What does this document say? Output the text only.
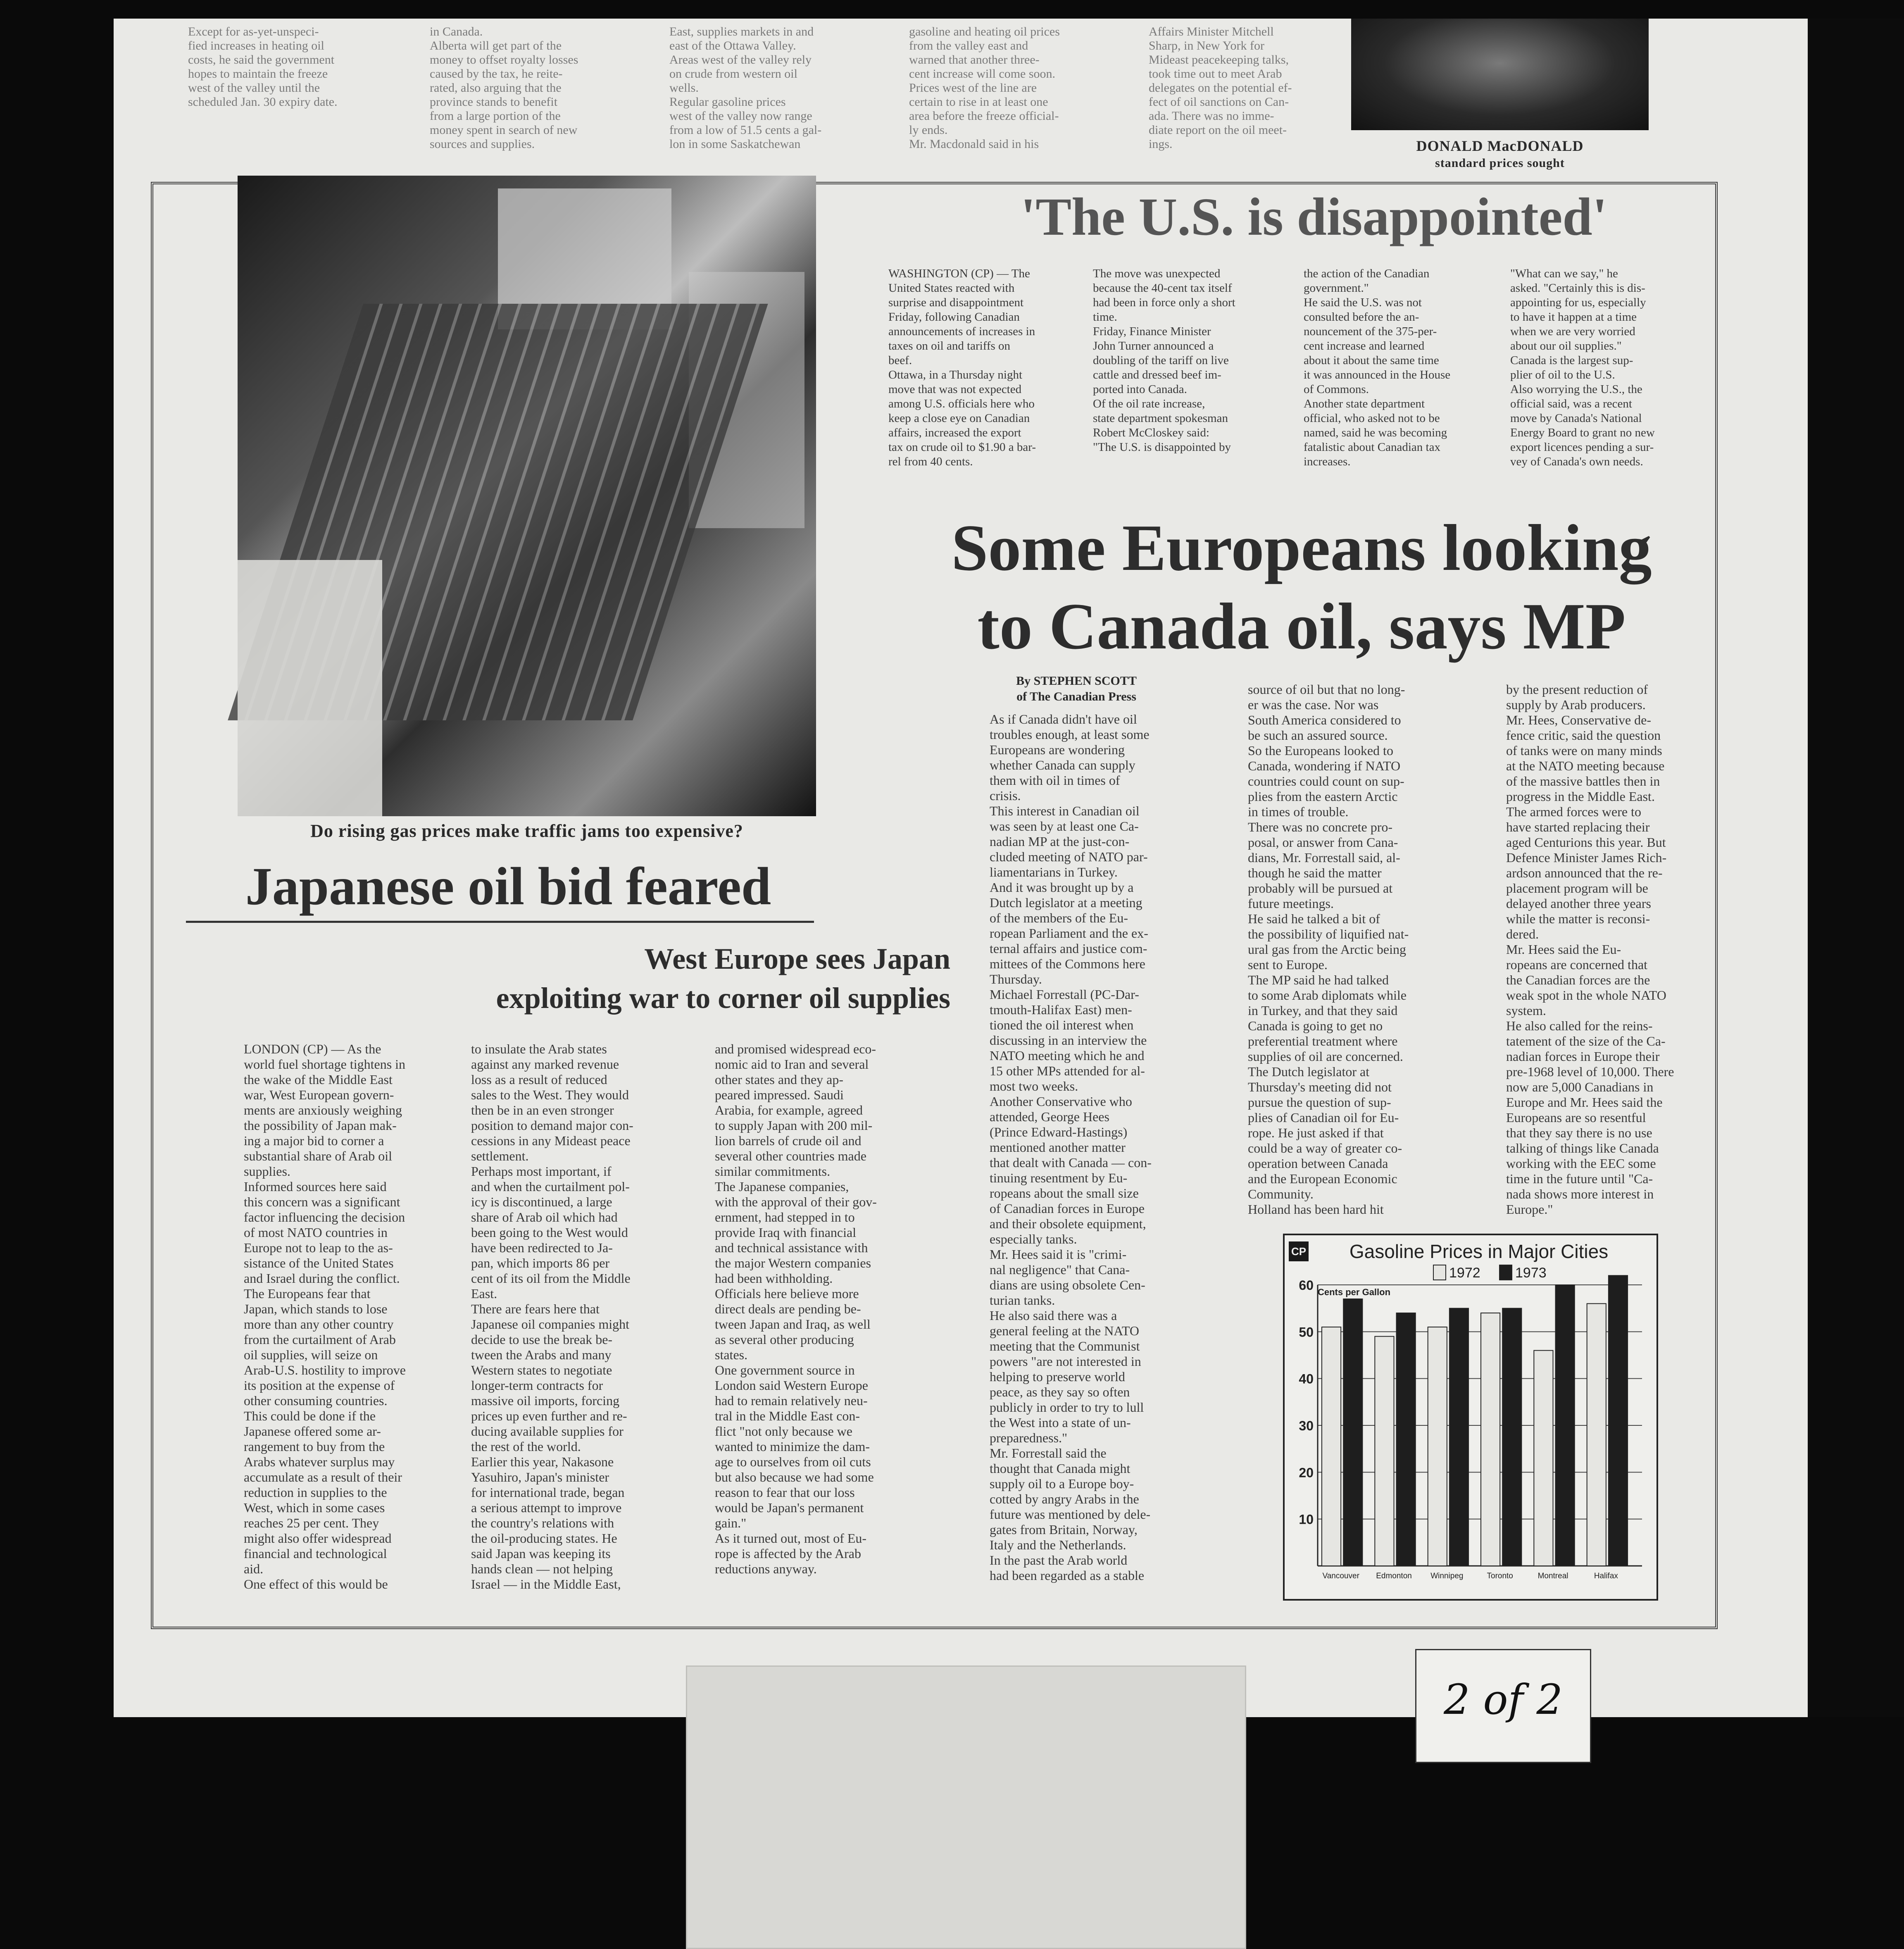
Except for as-yet-unspeci-
fied increases in heating oil
costs, he said the government
hopes to maintain the freeze
west of the valley until the
scheduled Jan. 30 expiry date.
in Canada.
Alberta will get part of the
money to offset royalty losses
caused by the tax, he reite-
rated, also arguing that the
province stands to benefit
from a large portion of the
money spent in search of new
sources and supplies.
East, supplies markets in and
east of the Ottawa Valley.
Areas west of the valley rely
on crude from western oil
wells.
Regular gasoline prices
west of the valley now range
from a low of 51.5 cents a gal-
lon in some Saskatchewan
gasoline and heating oil prices
from the valley east and
warned that another three-
cent increase will come soon.
Prices west of the line are
certain to rise in at least one
area before the freeze official-
ly ends.
Mr. Macdonald said in his
Affairs Minister Mitchell
Sharp, in New York for
Mideast peacekeeping talks,
took time out to meet Arab
delegates on the potential ef-
fect of oil sanctions on Can-
ada. There was no imme-
diate report on the oil meet-
ings.	DONALD MacDONALD
standard prices sought
Do rising gas prices make traffic jams too expensive?
Japanese oil bid feared
West Europe sees Japan
exploiting war to corner oil supplies
LONDON (CP) — As the
world fuel shortage tightens in
the wake of the Middle East
war, West European govern-
ments are anxiously weighing
the possibility of Japan mak-
ing a major bid to corner a
substantial share of Arab oil
supplies.
Informed sources here said
this concern was a significant
factor influencing the decision
of most NATO countries in
Europe not to leap to the as-
sistance of the United States
and Israel during the conflict.
The Europeans fear that
Japan, which stands to lose
more than any other country
from the curtailment of Arab
oil supplies, will seize on
Arab-U.S. hostility to improve
its position at the expense of
other consuming countries.
This could be done if the
Japanese offered some ar-
rangement to buy from the
Arabs whatever surplus may
accumulate as a result of their
reduction in supplies to the
West, which in some cases
reaches 25 per cent. They
might also offer widespread
financial and technological
aid.
One effect of this would be
to insulate the Arab states
against any marked revenue
loss as a result of reduced
sales to the West. They would
then be in an even stronger
position to demand major con-
cessions in any Mideast peace
settlement.
Perhaps most important, if
and when the curtailment pol-
icy is discontinued, a large
share of Arab oil which had
been going to the West would
have been redirected to Ja-
pan, which imports 86 per
cent of its oil from the Middle
East.
There are fears here that
Japanese oil companies might
decide to use the break be-
tween the Arabs and many
Western states to negotiate
longer-term contracts for
massive oil imports, forcing
prices up even further and re-
ducing available supplies for
the rest of the world.
Earlier this year, Nakasone
Yasuhiro, Japan's minister
for international trade, began
a serious attempt to improve
the country's relations with
the oil-producing states. He
said Japan was keeping its
hands clean — not helping
Israel — in the Middle East,
and promised widespread eco-
nomic aid to Iran and several
other states and they ap-
peared impressed. Saudi
Arabia, for example, agreed
to supply Japan with 200 mil-
lion barrels of crude oil and
several other countries made
similar commitments.
The Japanese companies,
with the approval of their gov-
ernment, had stepped in to
provide Iraq with financial
and technical assistance with
the major Western companies
had been withholding.
Officials here believe more
direct deals are pending be-
tween Japan and Iraq, as well
as several other producing
states.
One government source in
London said Western Europe
had to remain relatively neu-
tral in the Middle East con-
flict "not only because we
wanted to minimize the dam-
age to ourselves from oil cuts
but also because we had some
reason to fear that our loss
would be Japan's permanent
gain."
As it turned out, most of Eu-
rope is affected by the Arab
reductions anyway.
'The U.S. is disappointed'
WASHINGTON (CP) — The
United States reacted with
surprise and disappointment
Friday, following Canadian
announcements of increases in
taxes on oil and tariffs on
beef.
Ottawa, in a Thursday night
move that was not expected
among U.S. officials here who
keep a close eye on Canadian
affairs, increased the export
tax on crude oil to $1.90 a bar-
rel from 40 cents.
The move was unexpected
because the 40-cent tax itself
had been in force only a short
time.
Friday, Finance Minister
John Turner announced a
doubling of the tariff on live
cattle and dressed beef im-
ported into Canada.
Of the oil rate increase,
state department spokesman
Robert McCloskey said:
"The U.S. is disappointed by
the action of the Canadian
government."
He said the U.S. was not
consulted before the an-
nouncement of the 375-per-
cent increase and learned
about it about the same time
it was announced in the House
of Commons.
Another state department
official, who asked not to be
named, said he was becoming
fatalistic about Canadian tax
increases.
"What can we say," he
asked. "Certainly this is dis-
appointing for us, especially
to have it happen at a time
when we are very worried
about our oil supplies."
Canada is the largest sup-
plier of oil to the U.S.
Also worrying the U.S., the
official said, was a recent
move by Canada's National
Energy Board to grant no new
export licences pending a sur-
vey of Canada's own needs.
Some Europeans looking
to Canada oil, says MP
By STEPHEN SCOTT
of The Canadian Press
As if Canada didn't have oil
troubles enough, at least some
Europeans are wondering
whether Canada can supply
them with oil in times of
crisis.
This interest in Canadian oil
was seen by at least one Ca-
nadian MP at the just-con-
cluded meeting of NATO par-
liamentarians in Turkey.
And it was brought up by a
Dutch legislator at a meeting
of the members of the Eu-
ropean Parliament and the ex-
ternal affairs and justice com-
mittees of the Commons here
Thursday.
Michael Forrestall (PC-Dar-
tmouth-Halifax East) men-
tioned the oil interest when
discussing in an interview the
NATO meeting which he and
15 other MPs attended for al-
most two weeks.
Another Conservative who
attended, George Hees
(Prince Edward-Hastings)
mentioned another matter
that dealt with Canada — con-
tinuing resentment by Eu-
ropeans about the small size
of Canadian forces in Europe
and their obsolete equipment,
especially tanks.
Mr. Hees said it is "crimi-
nal negligence" that Cana-
dians are using obsolete Cen-
turian tanks.
He also said there was a
general feeling at the NATO
meeting that the Communist
powers "are not interested in
helping to preserve world
peace, as they say so often
publicly in order to try to lull
the West into a state of un-
preparedness."
Mr. Forrestall said the
thought that Canada might
supply oil to a Europe boy-
cotted by angry Arabs in the
future was mentioned by dele-
gates from Britain, Norway,
Italy and the Netherlands.
In the past the Arab world
had been regarded as a stable
source of oil but that no long-
er was the case. Nor was
South America considered to
be such an assured source.
So the Europeans looked to
Canada, wondering if NATO
countries could count on sup-
plies from the eastern Arctic
in times of trouble.
There was no concrete pro-
posal, or answer from Cana-
dians, Mr. Forrestall said, al-
though he said the matter
probably will be pursued at
future meetings.
He said he talked a bit of
the possibility of liquified nat-
ural gas from the Arctic being
sent to Europe.
The MP said he had talked
to some Arab diplomats while
in Turkey, and that they said
Canada is going to get no
preferential treatment where
supplies of oil are concerned.
The Dutch legislator at
Thursday's meeting did not
pursue the question of sup-
plies of Canadian oil for Eu-
rope. He just asked if that
could be a way of greater co-
operation between Canada
and the European Economic
Community.
Holland has been hard hit
by the present reduction of
supply by Arab producers.
Mr. Hees, Conservative de-
fence critic, said the question
of tanks were on many minds
at the NATO meeting because
of the massive battles then in
progress in the Middle East.
The armed forces were to
have started replacing their
aged Centurions this year. But
Defence Minister James Rich-
ardson announced that the re-
placement program will be
delayed another three years
while the matter is reconsi-
dered.
Mr. Hees said the Eu-
ropeans are concerned that
the Canadian forces are the
weak spot in the whole NATO
system.
He also called for the reins-
tatement of the size of the Ca-
nadian forces in Europe their
pre-1968 level of 10,000. There
now are 5,000 Canadians in
Europe and Mr. Hees said the
Europeans are so resentful
that they say there is no use
talking of things like Canada
working with the EEC some
time in the future until "Ca-
nada shows more interest in
Europe."
CP Gasoline Prices in Major Cities
1972 1973
Cents per Gallon
10
20
30
40
50
60
Vancouver Edmonton Winnipeg	Toronto	Montreal	Halifax
2 of 2
